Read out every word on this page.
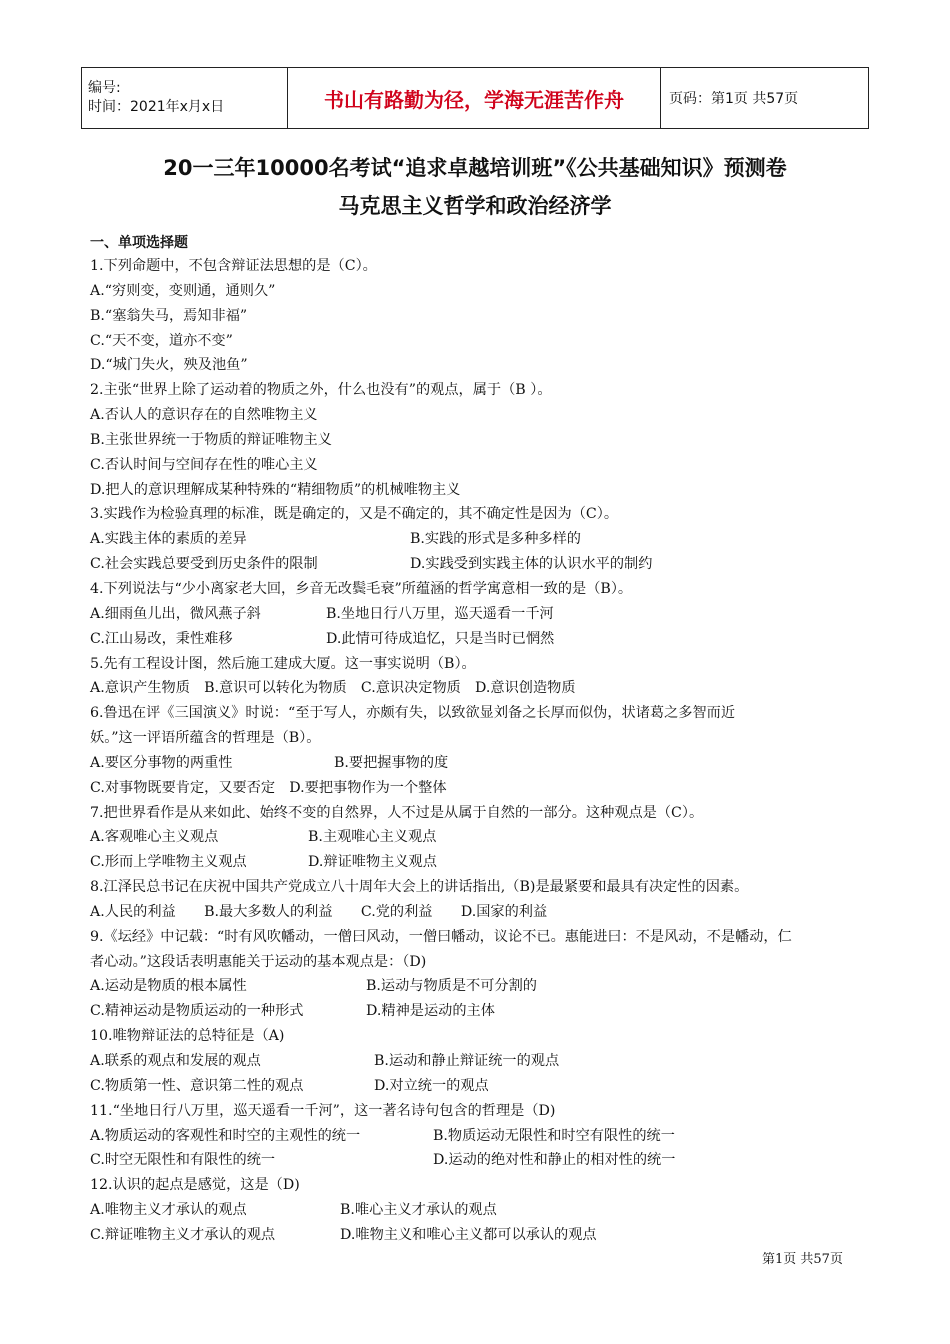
编号:
时间：2021年x月x日	书山有路勤为径，学海无涯苦作舟	页码：第1页 共57页
20一三年10000名考试“追求卓越培训班”《公共基础知识》预测卷
马克思主义哲学和政治经济学
一、单项选择题
1.下列命题中，不包含辩证法思想的是（C）。
A.“穷则变，变则通，通则久”
B.“塞翁失马，焉知非福”
C.“天不变，道亦不变”
D.“城门失火，殃及池鱼”
2.主张“世界上除了运动着的物质之外，什么也没有”的观点，属于（B ）。
A.否认人的意识存在的自然唯物主义
B.主张世界统一于物质的辩证唯物主义
C.否认时间与空间存在性的唯心主义
D.把人的意识理解成某种特殊的“精细物质”的机械唯物主义
3.实践作为检验真理的标准，既是确定的，又是不确定的，其不确定性是因为（C）。
A.实践主体的素质的差异	B.实践的形式是多种多样的
C.社会实践总要受到历史条件的限制	D.实践受到实践主体的认识水平的制约
4.下列说法与“少小离家老大回，乡音无改鬓毛衰”所蕴涵的哲学寓意相一致的是（B）。
A.细雨鱼儿出，微风燕子斜	B.坐地日行八万里，巡天遥看一千河
C.江山易改，秉性难移	D.此情可待成追忆，只是当时已惘然
5.先有工程设计图，然后施工建成大厦。这一事实说明（B）。
A.意识产生物质　B.意识可以转化为物质　C.意识决定物质　D.意识创造物质
6.鲁迅在评《三国演义》时说：“至于写人，亦颇有失，以致欲显刘备之长厚而似伪，状诸葛之多智而近
妖。”这一评语所蕴含的哲理是（B）。
A.要区分事物的两重性	B.要把握事物的度
C.对事物既要肯定，又要否定　D.要把事物作为一个整体
7.把世界看作是从来如此、始终不变的自然界，人不过是从属于自然的一部分。这种观点是（C）。
A.客观唯心主义观点	B.主观唯心主义观点
C.形而上学唯物主义观点	D.辩证唯物主义观点
8.江泽民总书记在庆祝中国共产党成立八十周年大会上的讲话指出,（B)是最紧要和最具有决定性的因素。
A.人民的利益　　B.最大多数人的利益　　C.党的利益　　D.国家的利益
9.《坛经》中记载：“时有风吹幡动，一僧曰风动，一僧曰幡动，议论不已。惠能进曰：不是风动，不是幡动，仁
者心动。”这段话表明惠能关于运动的基本观点是：（D)
A.运动是物质的根本属性	B.运动与物质是不可分割的
C.精神运动是物质运动的一种形式	D.精神是运动的主体
10.唯物辩证法的总特征是（A)
A.联系的观点和发展的观点	B.运动和静止辩证统一的观点
C.物质第一性、意识第二性的观点	D.对立统一的观点
11.“坐地日行八万里，巡天遥看一千河”，这一著名诗句包含的哲理是（D)
A.物质运动的客观性和时空的主观性的统一	B.物质运动无限性和时空有限性的统一
C.时空无限性和有限性的统一	D.运动的绝对性和静止的相对性的统一
12.认识的起点是感觉，这是（D)
A.唯物主义才承认的观点	B.唯心主义才承认的观点
C.辩证唯物主义才承认的观点	D.唯物主义和唯心主义都可以承认的观点
第1页 共57页
